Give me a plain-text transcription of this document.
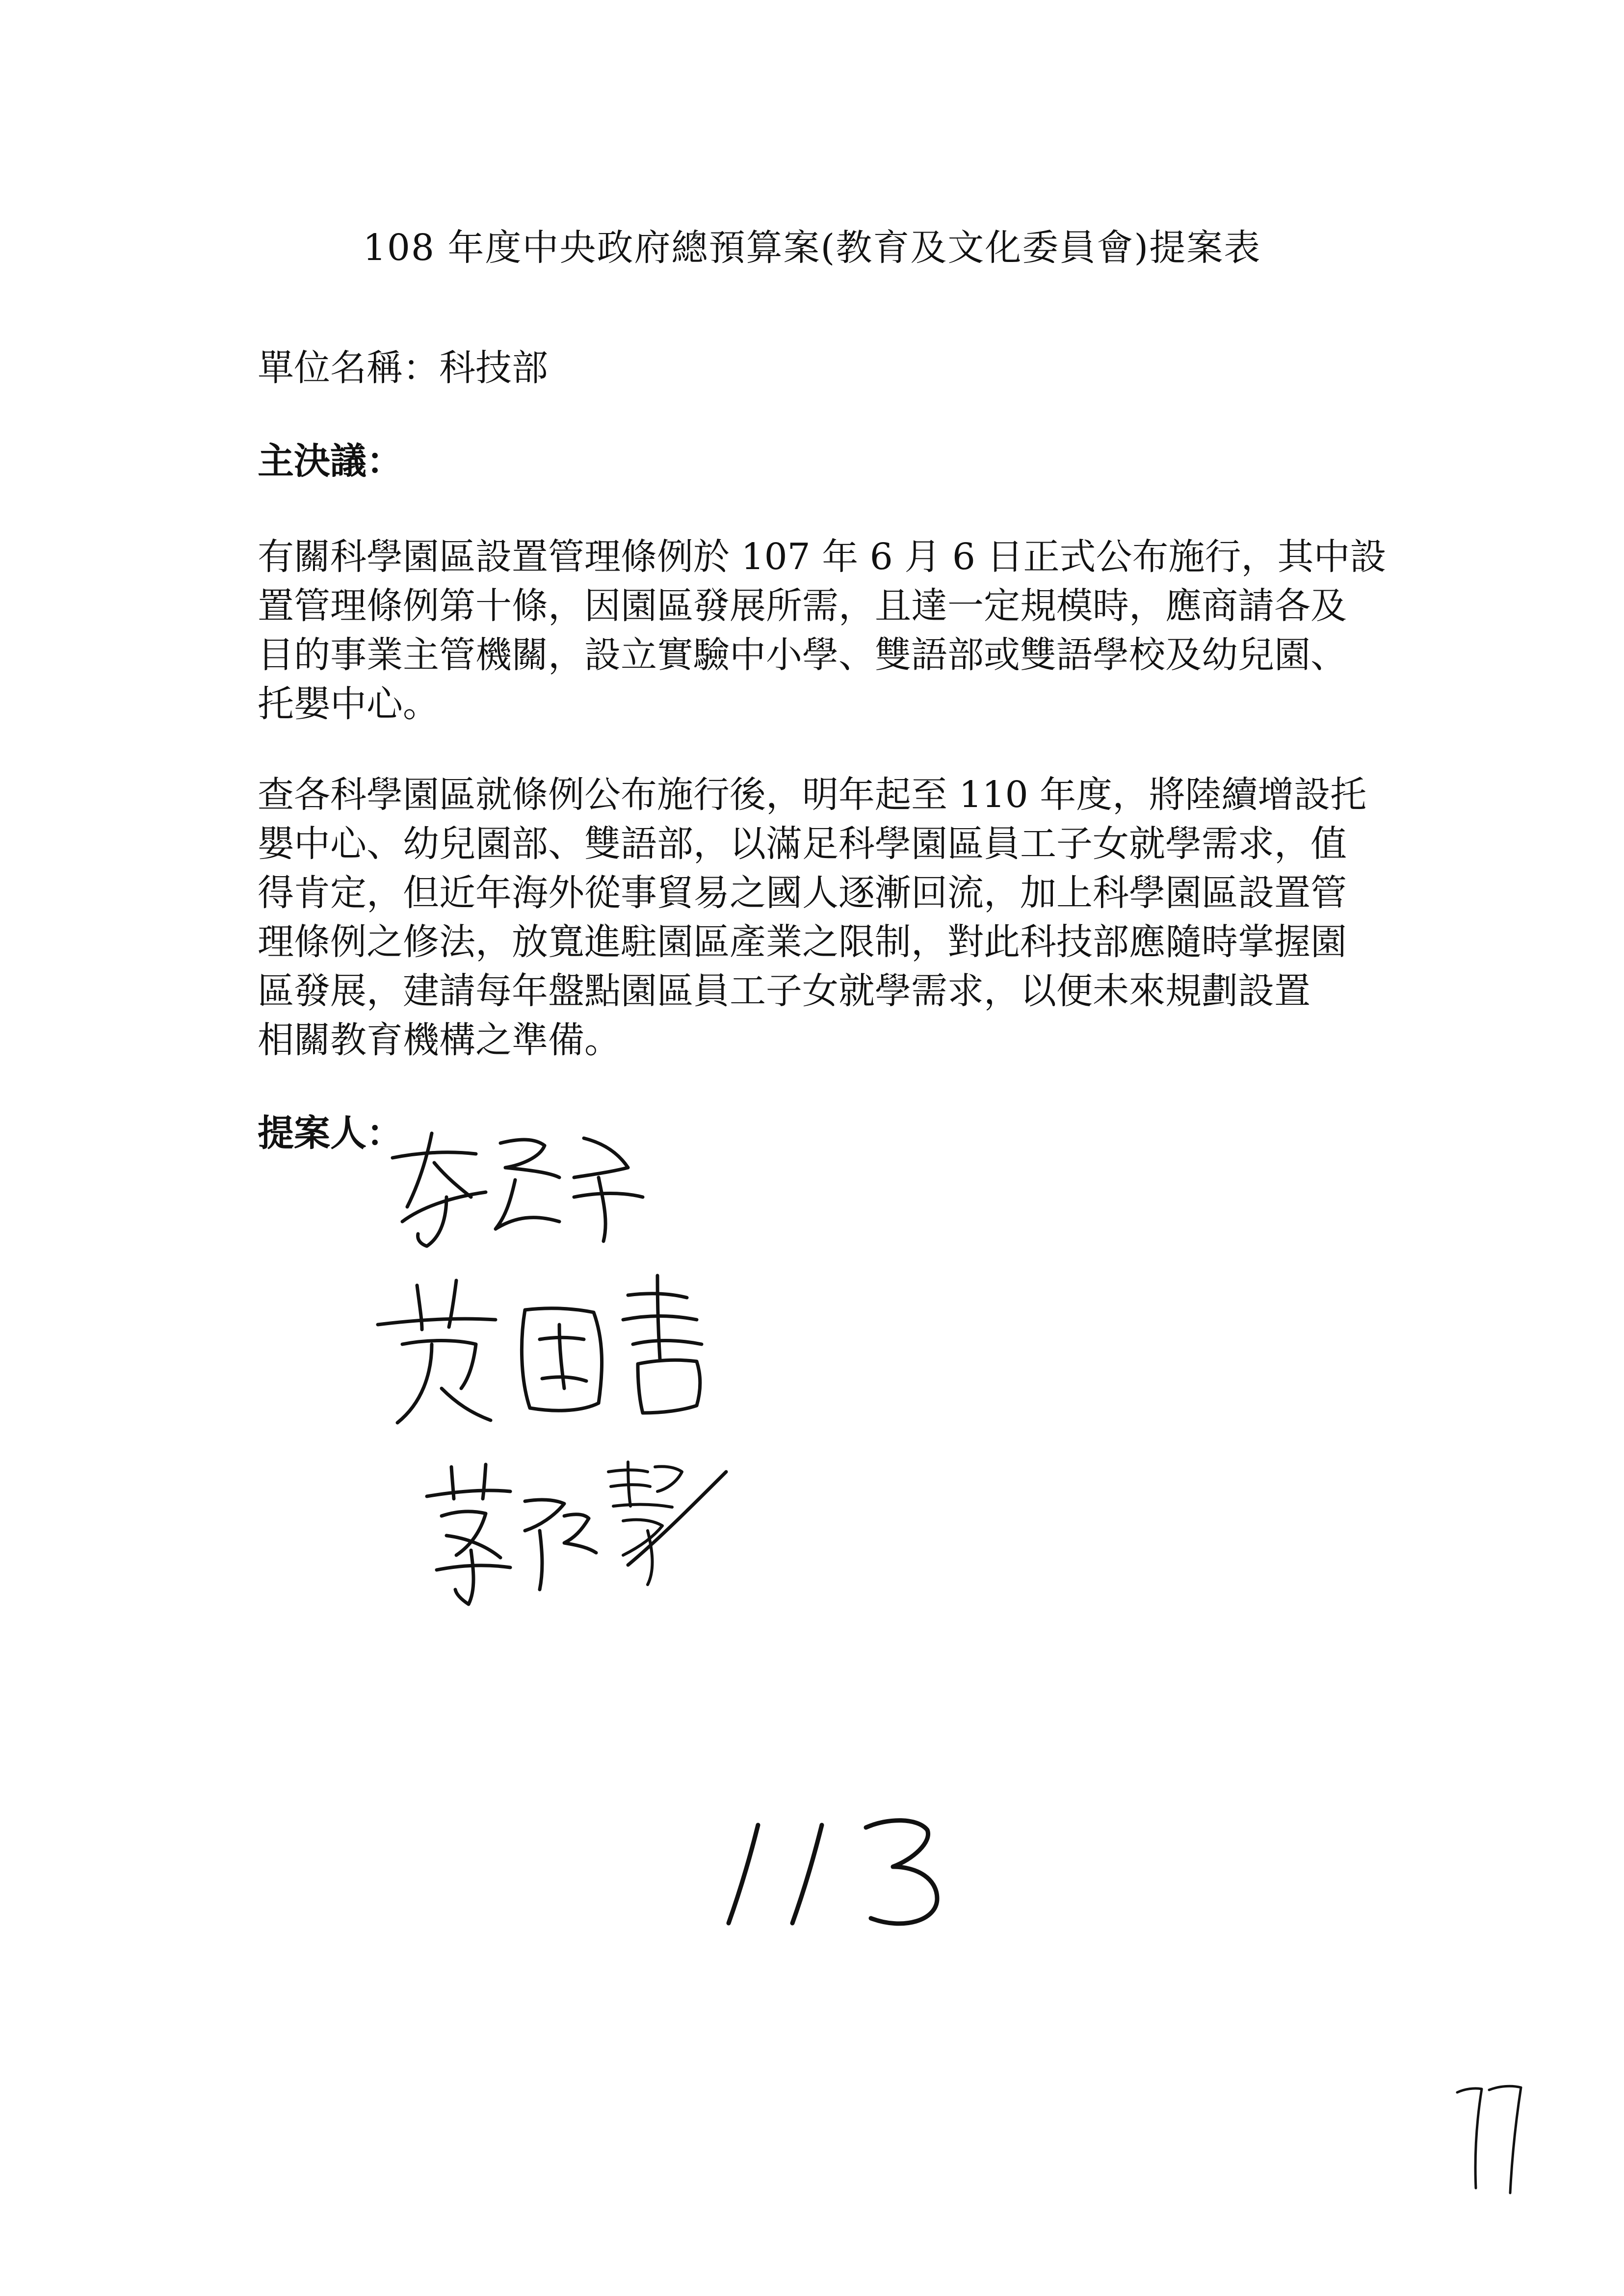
108 年度中央政府總預算案(教育及文化委員會)提案表
單位名稱：科技部
主決議：
有關科學園區設置管理條例於 107 年 6 月 6 日正式公布施行，其中設
置管理條例第十條，因園區發展所需，且達一定規模時，應商請各及
目的事業主管機關，設立實驗中小學、雙語部或雙語學校及幼兒園、
托嬰中心。
查各科學園區就條例公布施行後，明年起至 110 年度，將陸續增設托
嬰中心、幼兒園部、雙語部，以滿足科學園區員工子女就學需求，值
得肯定，但近年海外從事貿易之國人逐漸回流，加上科學園區設置管
理條例之修法，放寬進駐園區產業之限制，對此科技部應隨時掌握園
區發展，建請每年盤點園區員工子女就學需求，以便未來規劃設置
相關教育機構之準備。
提案人：
